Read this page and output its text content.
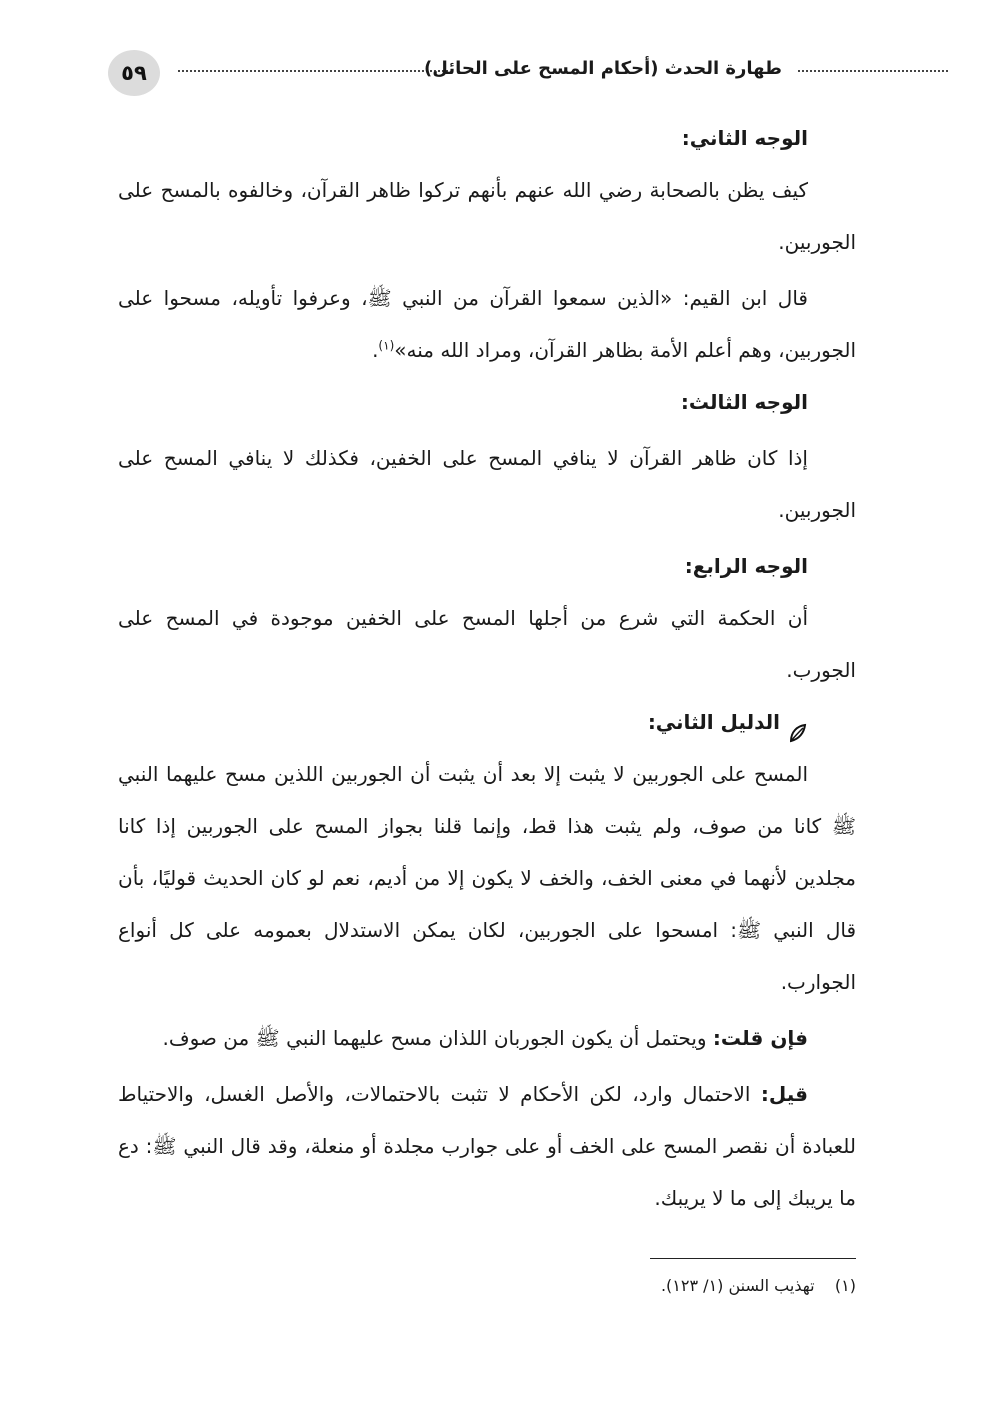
٥٩	طهارة الحدث (أحكام المسح على الحائل)

الوجه الثاني:

كيف يظن بالصحابة رضي الله عنهم بأنهم تركوا ظاهر القرآن، وخالفوه بالمسح على الجوربين.

قال ابن القيم: «الذين سمعوا القرآن من النبي ﷺ، وعرفوا تأويله، مسحوا على الجوربين، وهم أعلم الأمة بظاهر القرآن، ومراد الله منه»$^{(١)}$.

الوجه الثالث:

إذا كان ظاهر القرآن لا ينافي المسح على الخفين، فكذلك لا ينافي المسح على الجوربين.

الوجه الرابع:

أن الحكمة التي شرع من أجلها المسح على الخفين موجودة في المسح على الجورب.

الدليل الثاني:

المسح على الجوربين لا يثبت إلا بعد أن يثبت أن الجوربين اللذين مسح عليهما النبي ﷺ كانا من صوف، ولم يثبت هذا قط، وإنما قلنا بجواز المسح على الجوربين إذا كانا مجلدين لأنهما في معنى الخف، والخف لا يكون إلا من أديم، نعم لو كان الحديث قوليًا، بأن قال النبي ﷺ: امسحوا على الجوربين، لكان يمكن الاستدلال بعمومه على كل أنواع الجوارب.

فإن قلت: ويحتمل أن يكون الجوربان اللذان مسح عليهما النبي ﷺ من صوف.

قيل: الاحتمال وارد، لكن الأحكام لا تثبت بالاحتمالات، والأصل الغسل، والاحتياط للعبادة أن نقصر المسح على الخف أو على جوارب مجلدة أو منعلة، وقد قال النبي ﷺ: دع ما يريبك إلى ما لا يريبك.

(١)    تهذيب السنن (١/ ١٢٣).
